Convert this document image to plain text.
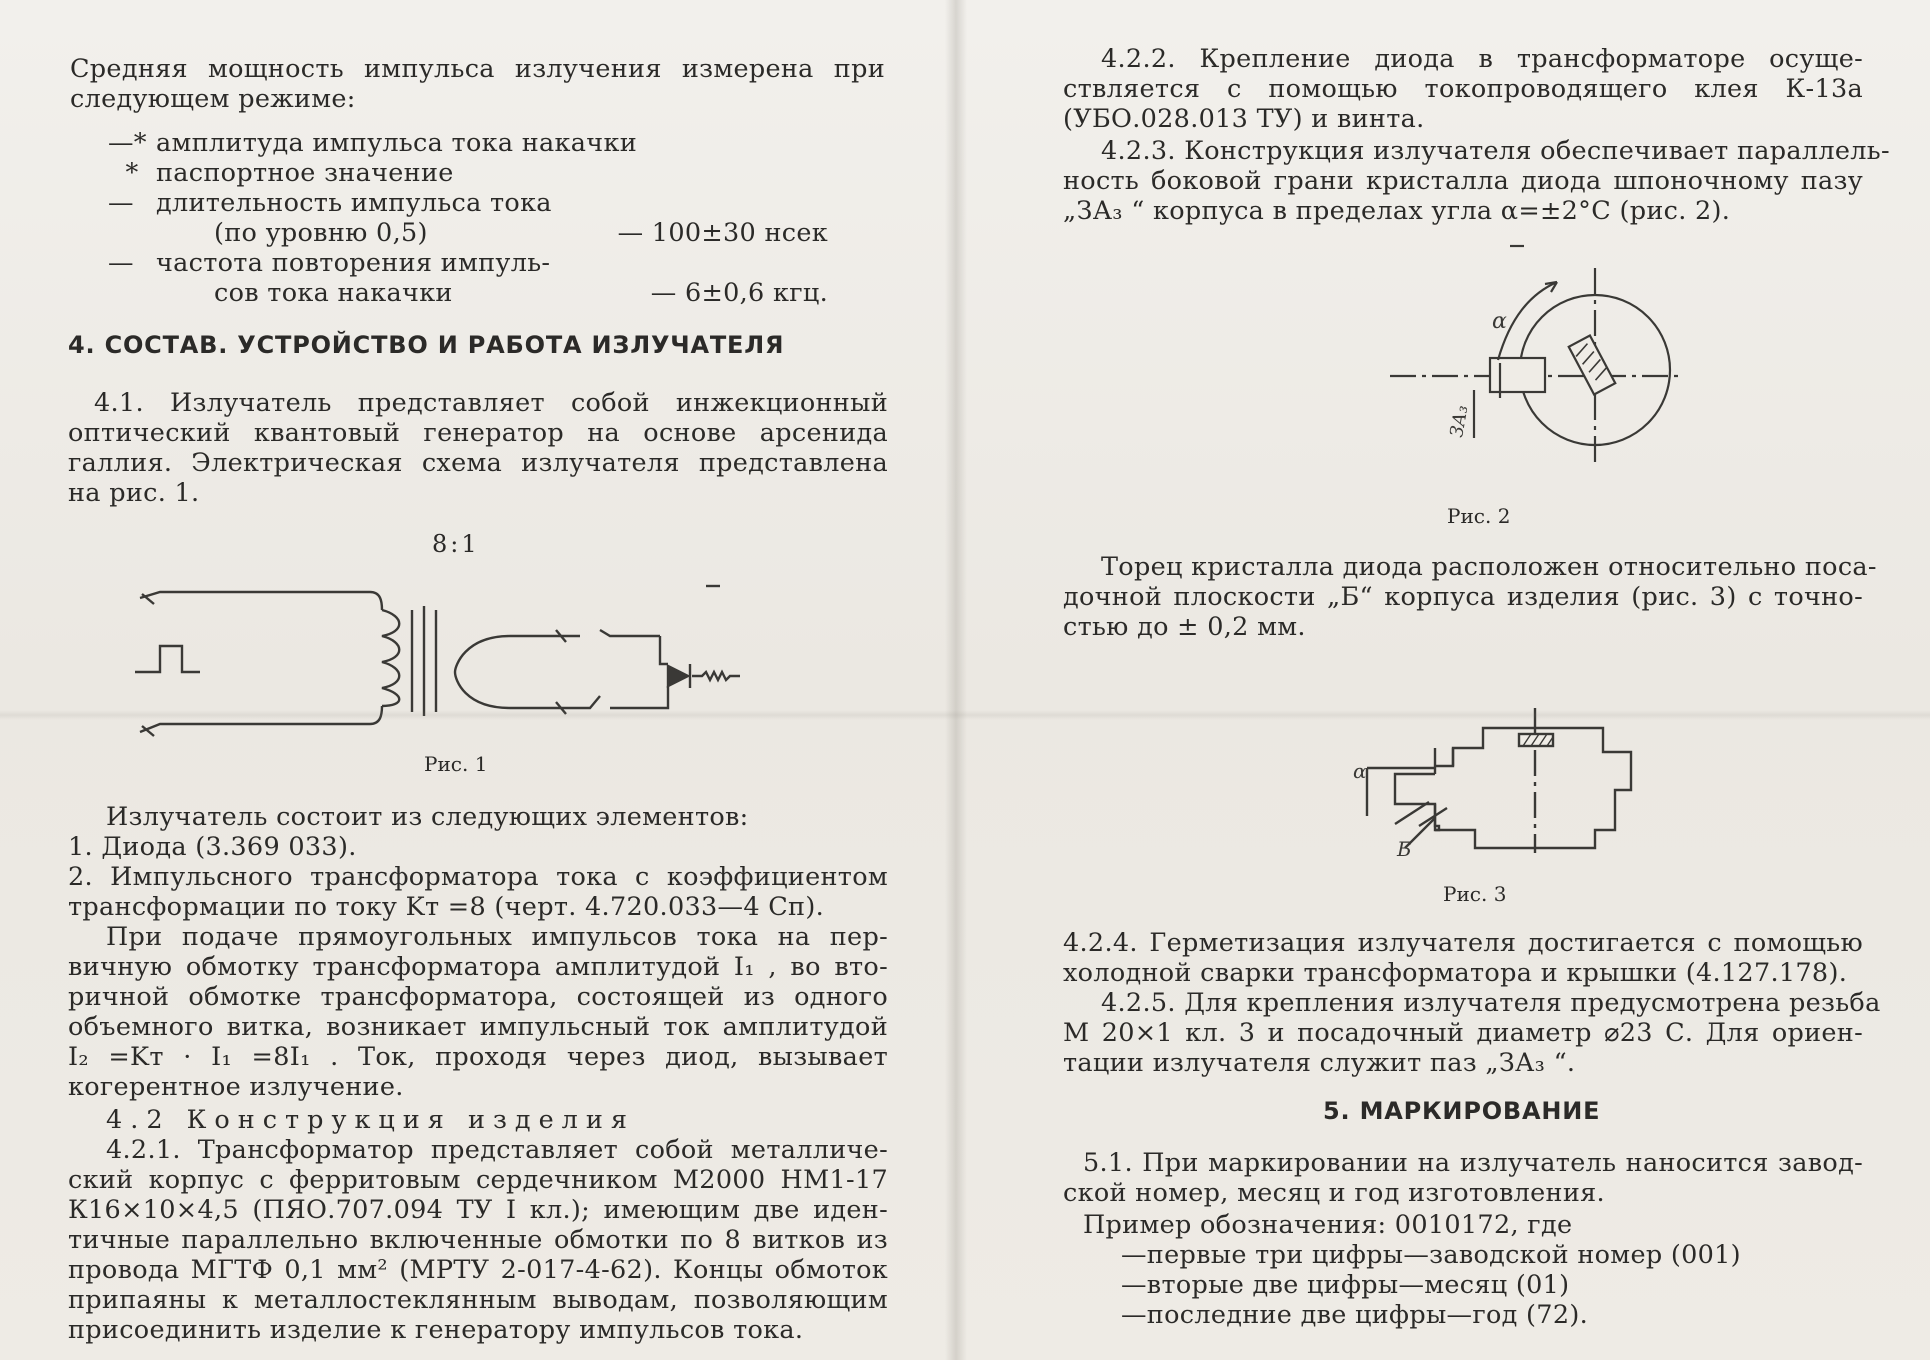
Средняя мощность импульса излучения измерена при
следующем режиме:
—* амплитуда импульса тока накачки
* паспортное значение
— длительность импульса тока
(по уровню 0,5)	— 100±30 нсек
— частота повторения импуль-
сов тока накачки	— 6±0,6 кгц.
4. СОСТАВ. УСТРОЙСТВО И РАБОТА ИЗЛУЧАТЕЛЯ
4.1. Излучатель представляет собой инжекционный
оптический квантовый генератор на основе арсенида
галлия. Электрическая схема излучателя представлена
на рис. 1.
8:1
Рис. 1
Излучатель состоит из следующих элементов:
1. Диода (3.369 033).
2. Импульсного трансформатора тока с коэффициентом
трансформации по току Kт =8 (черт. 4.720.033—4 Сп).
При подаче прямоугольных импульсов тока на пер-
вичную обмотку трансформатора амплитудой I₁ , во вто-
ричной обмотке трансформатора, состоящей из одного
объемного витка, возникает импульсный ток амплитудой
I₂ =Kт · I₁ =8I₁ . Ток, проходя через диод, вызывает
когерентное излучение.
4.2 Конструкция изделия
4.2.1. Трансформатор представляет собой металличе-
ский корпус с ферритовым сердечником М2000 НМ1-17
К16×10×4,5 (ПЯО.707.094 ТУ I кл.); имеющим две иден-
тичные параллельно включенные обмотки по 8 витков из
провода МГТФ 0,1 мм² (МРТУ 2-017-4-62). Концы обмоток
припаяны к металлостеклянным выводам, позволяющим
присоединить изделие к генератору импульсов тока.
4.2.2. Крепление диода в трансформаторе осуще-
ствляется с помощью токопроводящего клея К-13а
(УБО.028.013 ТУ) и винта.
4.2.3. Конструкция излучателя обеспечивает параллель-
ность боковой грани кристалла диода шпоночному пазу
„ЗА₃ “ корпуса в пределах угла α=±2°С (рис. 2).
α
ЗА₃
Рис. 2
Торец кристалла диода расположен относительно поса-
дочной плоскости „Б“ корпуса изделия (рис. 3) с точно-
стью до ± 0,2 мм.
α
Б
Рис. 3
4.2.4. Герметизация излучателя достигается с помощью
холодной сварки трансформатора и крышки (4.127.178).
4.2.5. Для крепления излучателя предусмотрена резьба
М 20×1 кл. 3 и посадочный диаметр ⌀23 С. Для ориен-
тации излучателя служит паз „ЗА₃ “.
5. МАРКИРОВАНИЕ
5.1. При маркировании на излучатель наносится завод-
ской номер, месяц и год изготовления.
Пример обозначения: 0010172, где
—первые три цифры—заводской номер (001)
—вторые две цифры—месяц (01)
—последние две цифры—год (72).
